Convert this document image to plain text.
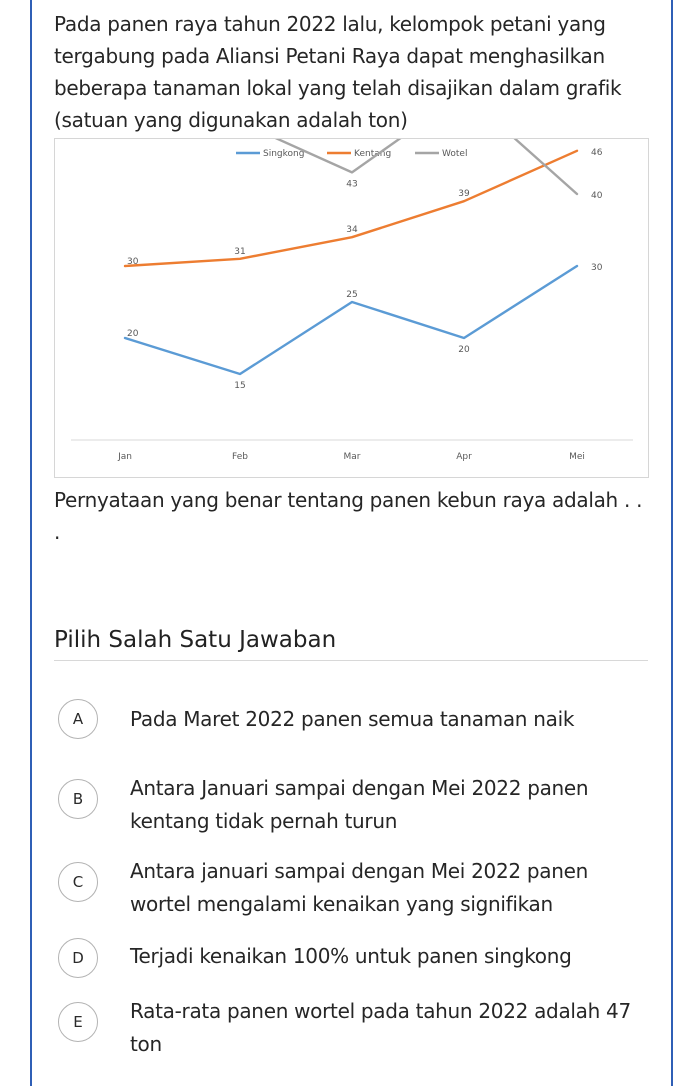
Pada panen raya tahun 2022 lalu, kelompok petani yang tergabung pada Aliansi Petani Raya dapat menghasilkan beberapa tanaman lokal yang telah disajikan dalam grafik (satuan yang digunakan adalah ton)

Jan	Feb	Mar	Apr	Mei
Singkong	Kentang	Wotel
20
15
25
20
30
30
31
34
39
46
43
40

Pernyataan yang benar tentang panen kebun raya adalah . . .

Pilih Salah Satu Jawaban

A	Pada Maret 2022 panen semua tanaman naik
B	Antara Januari sampai dengan Mei 2022 panen kentang tidak pernah turun
C	Antara januari sampai dengan Mei 2022 panen wortel mengalami kenaikan yang signifikan
D	Terjadi kenaikan 100% untuk panen singkong
E	Rata-rata panen wortel pada tahun 2022 adalah 47 ton
